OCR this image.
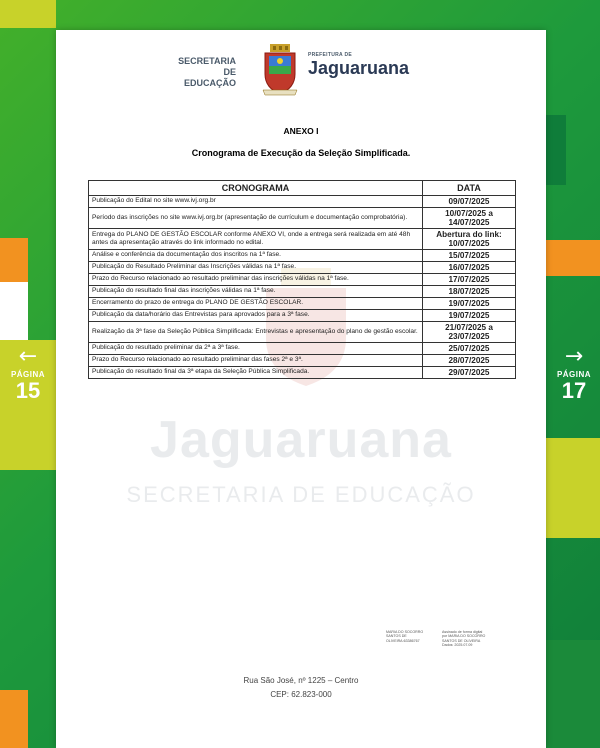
←
PÁGINA
15
→
PÁGINA
17
Jaguaruana
SECRETARIA DE EDUCAÇÃO
SECRETARIA DE
EDUCAÇÃO
PREFEITURA DE
Jaguaruana
ANEXO I
Cronograma de Execução da Seleção Simplificada.
CRONOGRAMA	DATA
Publicação do Edital no site www.ivj.org.br	09/07/2025
Período das inscrições no site www.ivj.org.br (apresentação de currículum e documentação comprobatória).	10/07/2025 a 14/07/2025
Entrega do PLANO DE GESTÃO ESCOLAR conforme ANEXO VI, onde a entrega será realizada em até 48h antes da apresentação através do link informado no edital.	Abertura do link: 10/07/2025
Análise e conferência da documentação dos inscritos na 1ª fase.	15/07/2025
Publicação do Resultado Preliminar das Inscrições válidas na 1ª fase.	16/07/2025
Prazo do Recurso relacionado ao resultado preliminar das inscrições válidas na 1ª fase.	17/07/2025
Publicação do resultado final das inscrições válidas na 1ª fase.	18/07/2025
Encerramento do prazo de entrega do PLANO DE GESTÃO ESCOLAR.	19/07/2025
Publicação da data/horário das Entrevistas para aprovados para a 3ª fase.	19/07/2025
Realização da 3ª fase da Seleção Pública Simplificada: Entrevistas e apresentação do plano de gestão escolar.	21/07/2025 a 23/07/2025
Publicação do resultado preliminar da 2ª a 3ª fase.	25/07/2025
Prazo do Recurso relacionado ao resultado preliminar das fases 2ª e 3ª.	28/07/2025
Publicação do resultado final da 3ª etapa da Seleção Pública Simplificada.	29/07/2025
MARIA DO SOCORRO
SANTOS DE
OLIVEIRA:63386767
Assinado de forma digital
por MARIA DO SOCORRO
SANTOS DE OLIVEIRA
Dados: 2025.07.09
Rua São José, nº 1225 – Centro
CEP: 62.823-000
